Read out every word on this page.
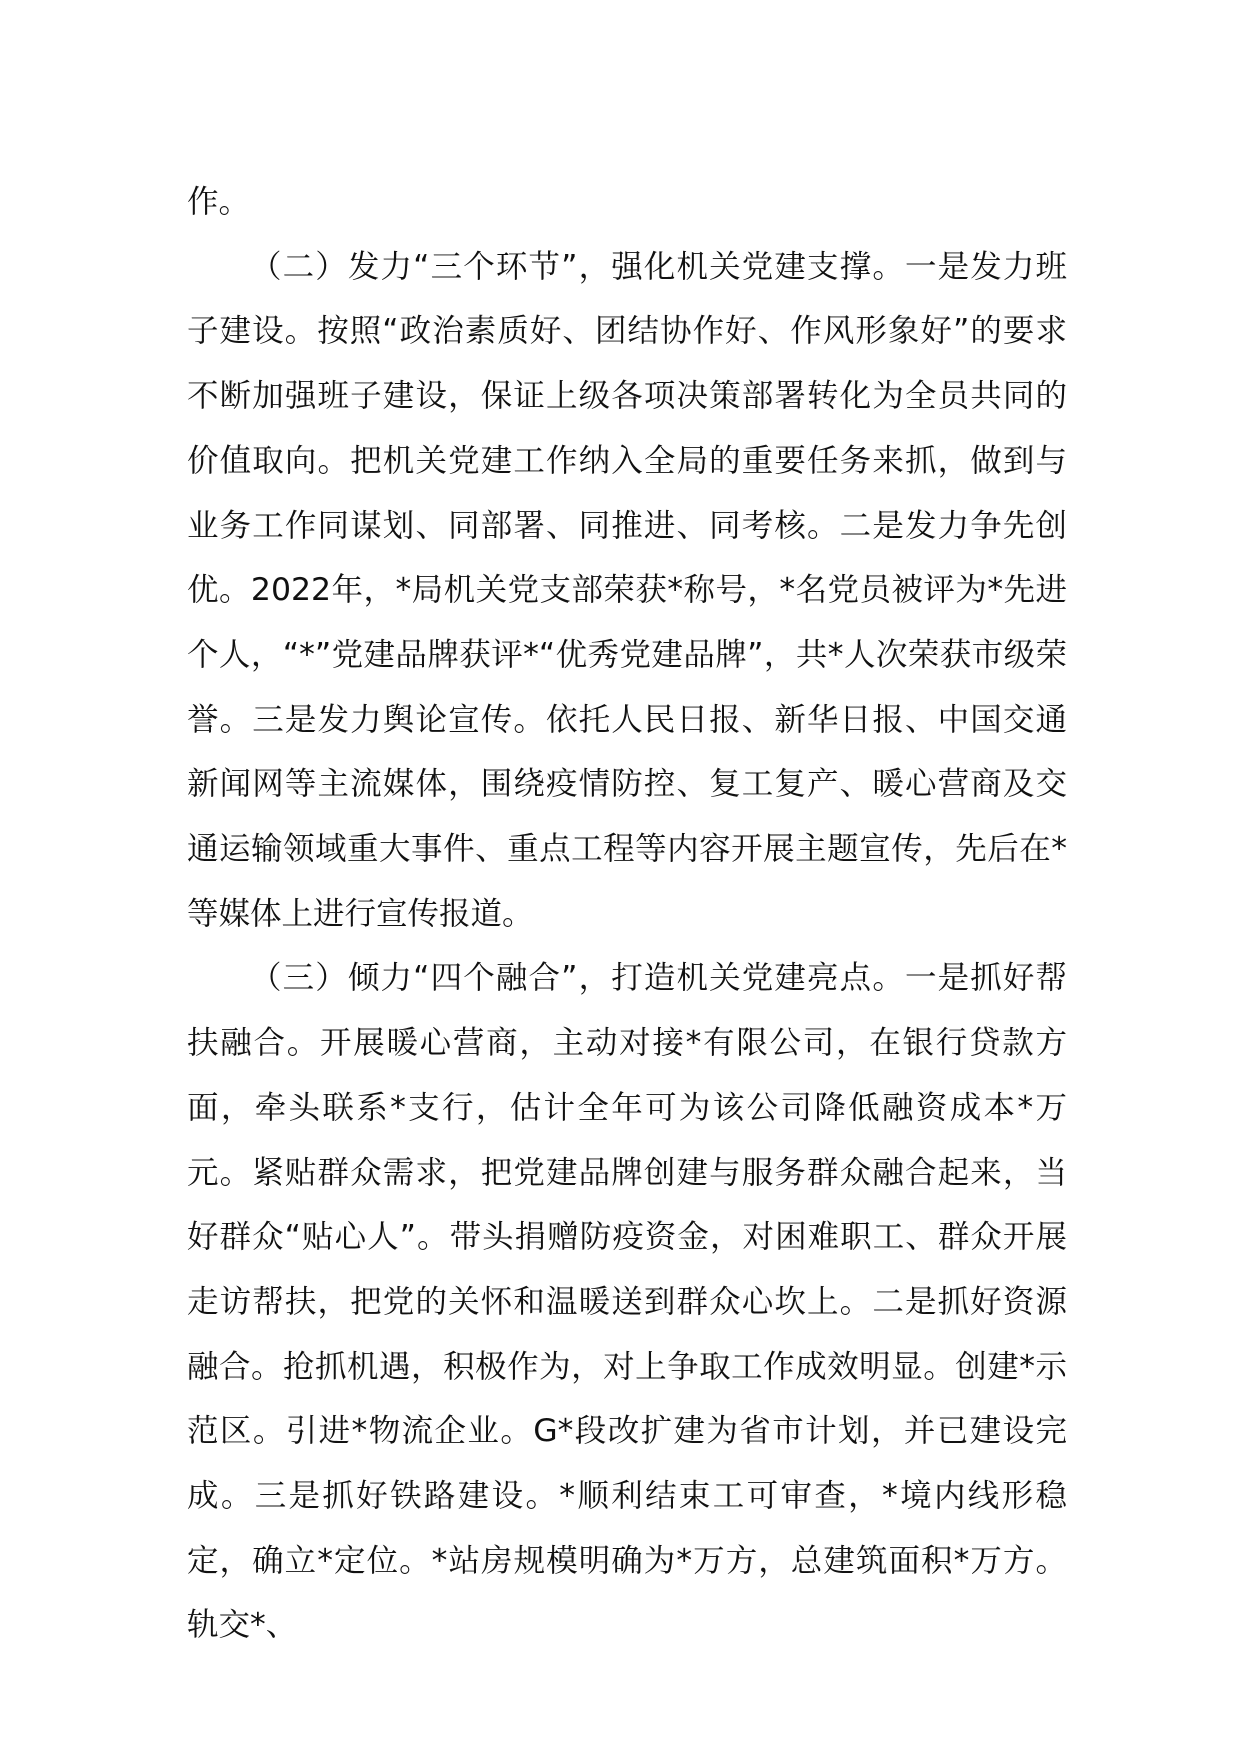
作。

（二）发力“三个环节”，强化机关党建支撑。一是发力班子建设。按照“政治素质好、团结协作好、作风形象好”的要求不断加强班子建设，保证上级各项决策部署转化为全员共同的价值取向。把机关党建工作纳入全局的重要任务来抓，做到与业务工作同谋划、同部署、同推进、同考核。二是发力争先创优。2022年，*局机关党支部荣获*称号，*名党员被评为*先进个人，“*”党建品牌获评*“优秀党建品牌”，共*人次荣获市级荣誉。三是发力舆论宣传。依托人民日报、新华日报、中国交通新闻网等主流媒体，围绕疫情防控、复工复产、暖心营商及交通运输领域重大事件、重点工程等内容开展主题宣传，先后在*等媒体上进行宣传报道。

（三）倾力“四个融合”，打造机关党建亮点。一是抓好帮扶融合。开展暖心营商，主动对接*有限公司，在银行贷款方面，牵头联系*支行，估计全年可为该公司降低融资成本*万元。紧贴群众需求，把党建品牌创建与服务群众融合起来，当好群众“贴心人”。带头捐赠防疫资金，对困难职工、群众开展走访帮扶，把党的关怀和温暖送到群众心坎上。二是抓好资源融合。抢抓机遇，积极作为，对上争取工作成效明显。创建*示范区。引进*物流企业。G*段改扩建为省市计划，并已建设完成。三是抓好铁路建设。*顺利结束工可审查，*境内线形稳定，确立*定位。*站房规模明确为*万方，总建筑面积*万方。轨交*、
